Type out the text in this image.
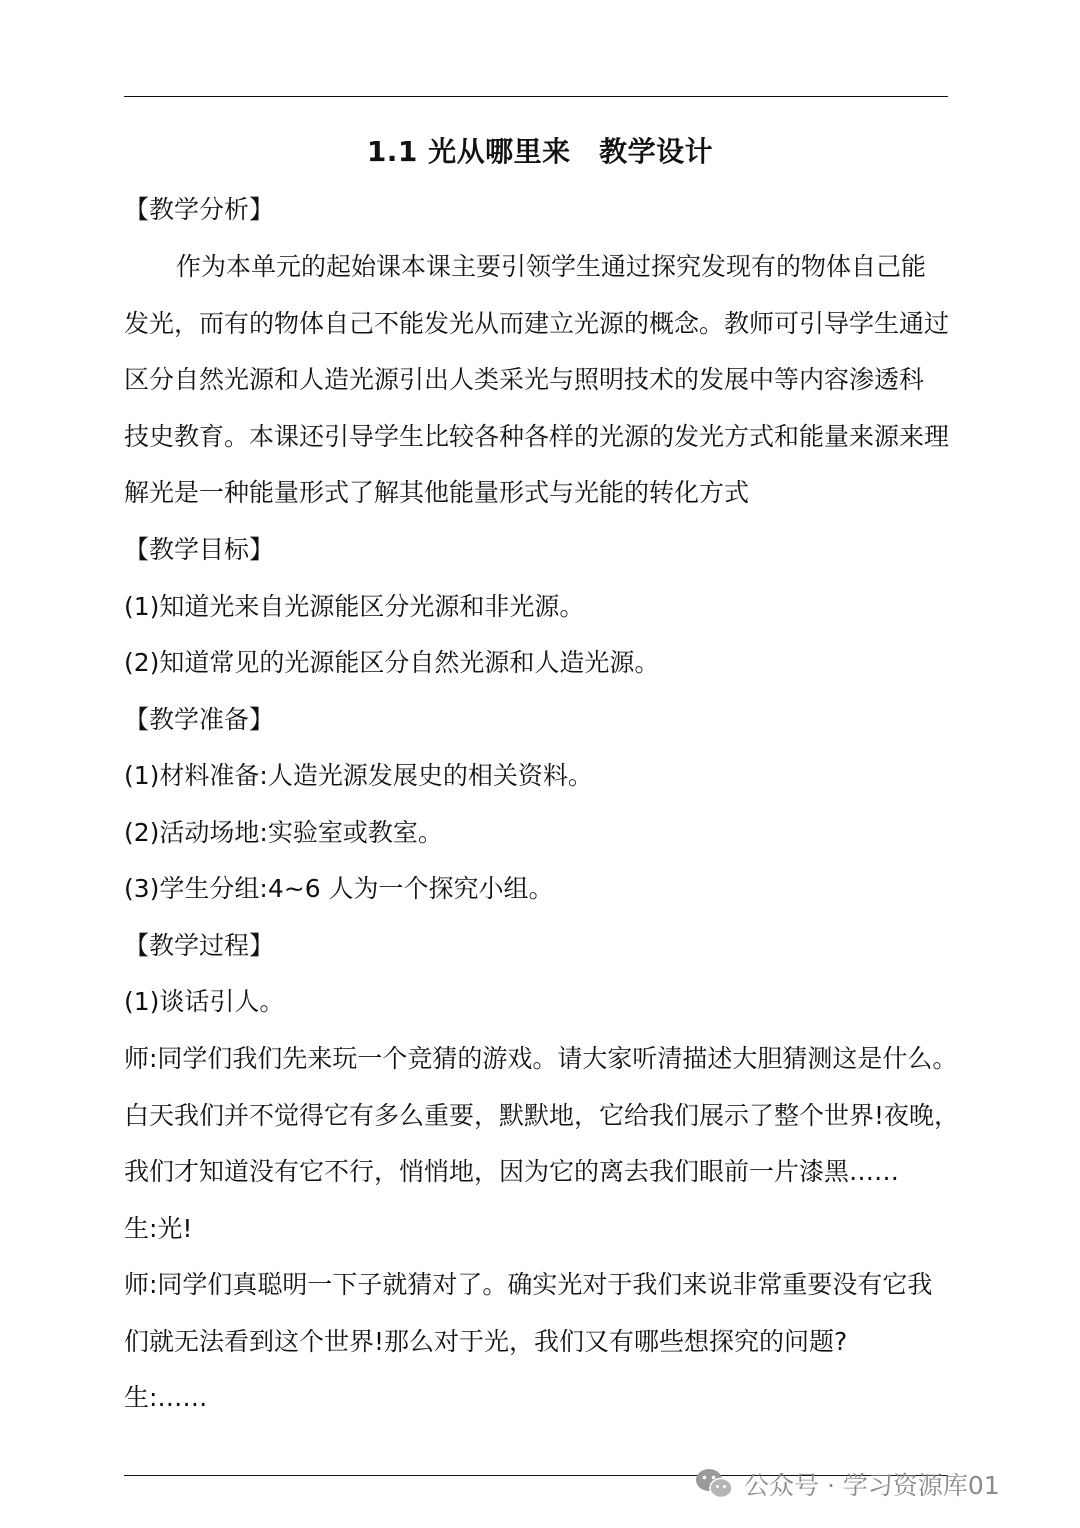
1.1 光从哪里来　教学设计
【教学分析】
作为本单元的起始课本课主要引领学生通过探究发现有的物体自己能
发光，而有的物体自己不能发光从而建立光源的概念。教师可引导学生通过
区分自然光源和人造光源引出人类采光与照明技术的发展中等内容渗透科
技史教育。本课还引导学生比较各种各样的光源的发光方式和能量来源来理
解光是一种能量形式了解其他能量形式与光能的转化方式
【教学目标】
(1)知道光来自光源能区分光源和非光源。
(2)知道常见的光源能区分自然光源和人造光源。
【教学准备】
(1)材料准备:人造光源发展史的相关资料。
(2)活动场地:实验室或教室。
(3)学生分组:4~6 人为一个探究小组。
【教学过程】
(1)谈话引人。
师:同学们我们先来玩一个竞猜的游戏。请大家听清描述大胆猜测这是什么。
白天我们并不觉得它有多么重要，默默地，它给我们展示了整个世界!夜晚，
我们才知道没有它不行，悄悄地，因为它的离去我们眼前一片漆黑……
生:光!
师:同学们真聪明一下子就猜对了。确实光对于我们来说非常重要没有它我
们就无法看到这个世界!那么对于光，我们又有哪些想探究的问题?
生:……
公众号 · 学习资源库01
